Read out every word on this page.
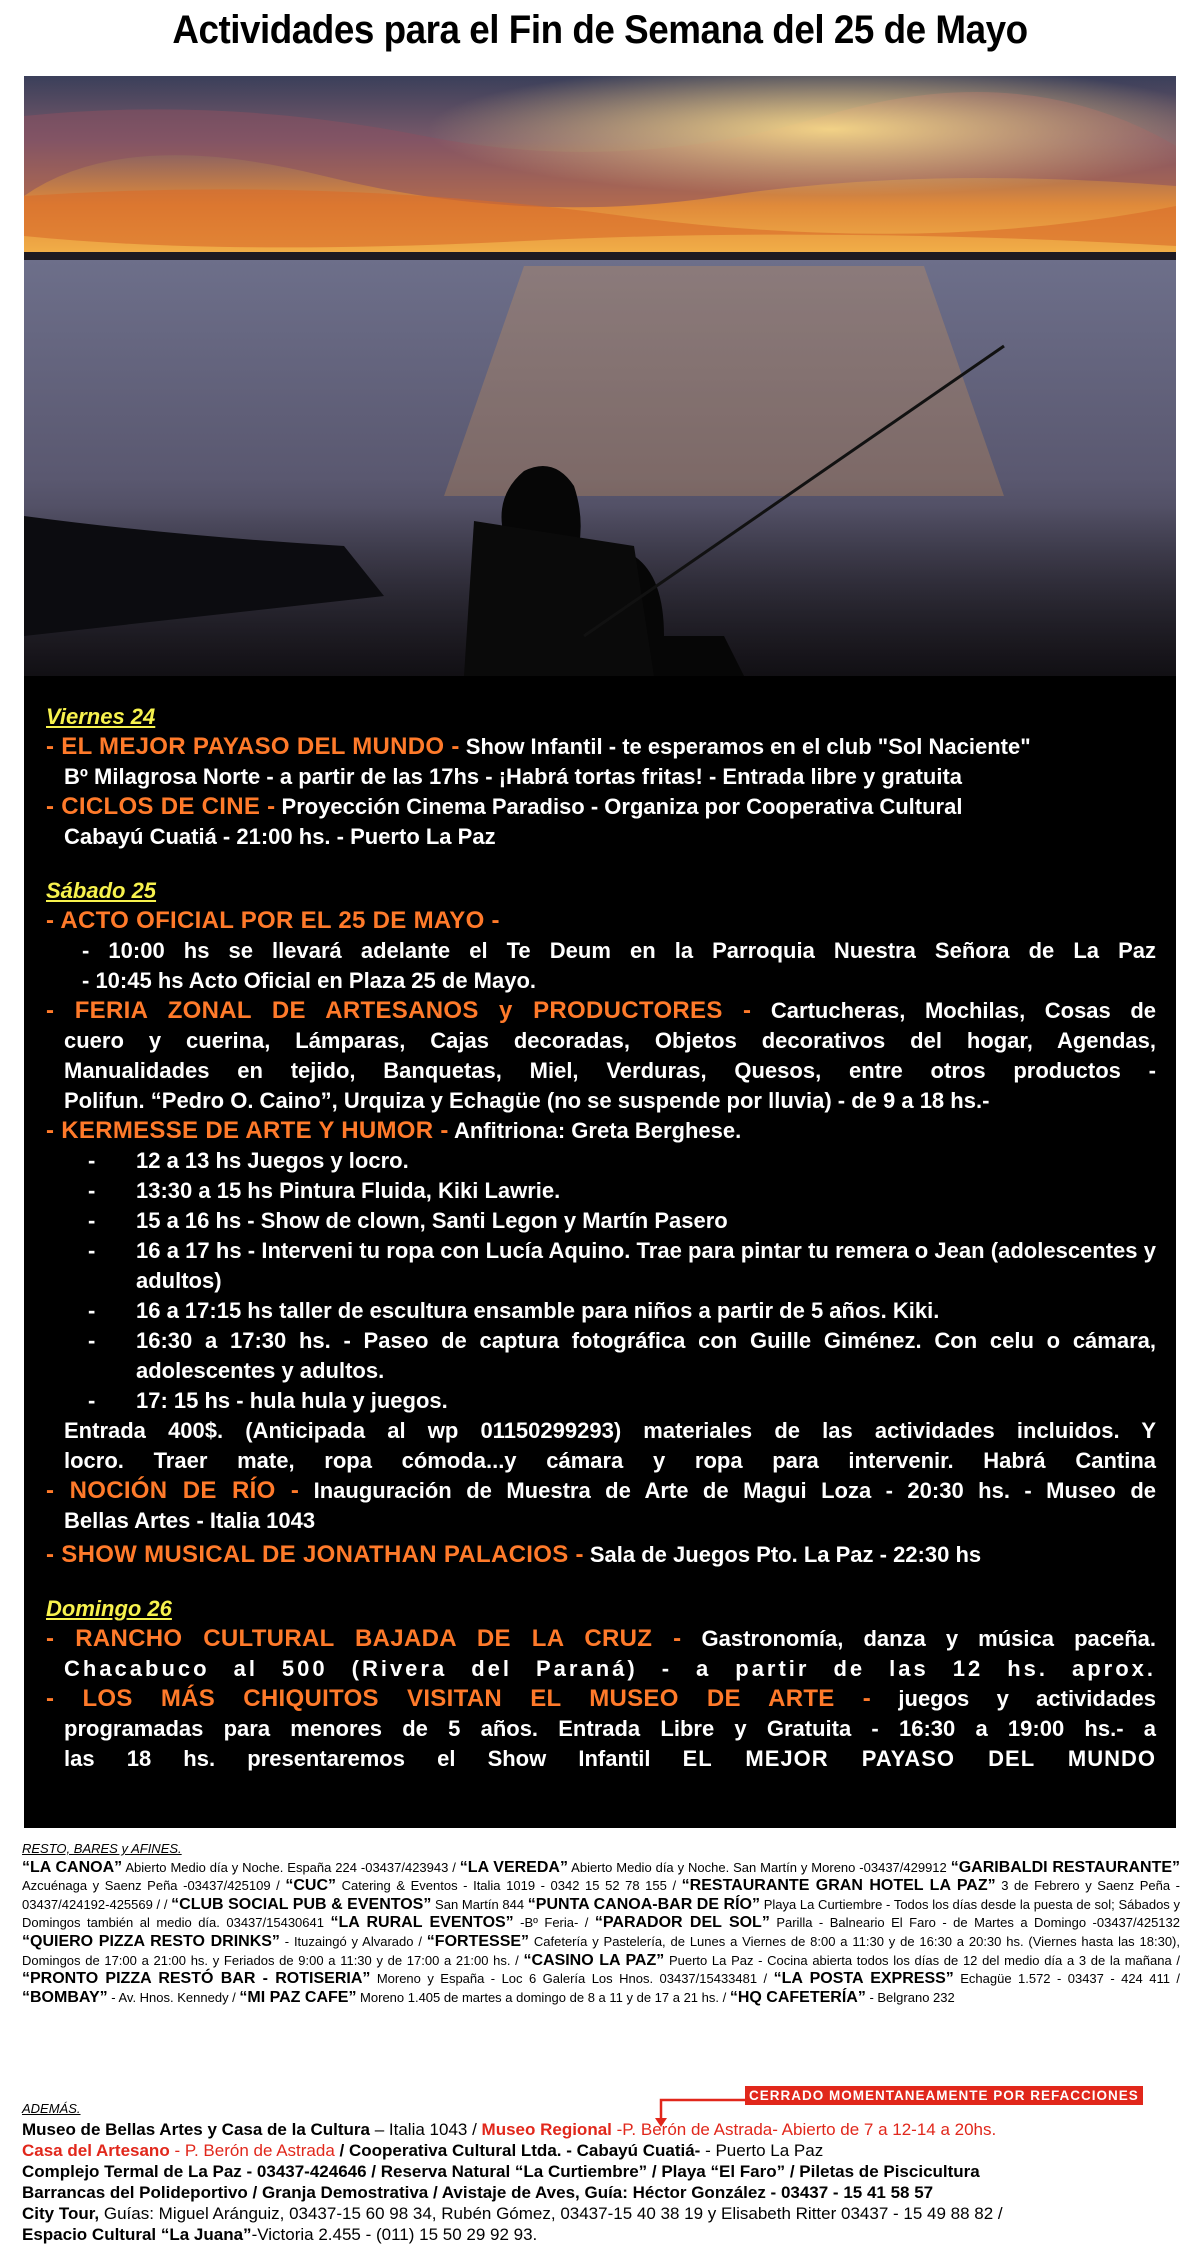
Actividades para el Fin de Semana del 25 de Mayo
Viernes 24
- EL MEJOR PAYASO DEL MUNDO - Show Infantil - te esperamos en el club "Sol Naciente"
Bº Milagrosa Norte - a partir de las 17hs - ¡Habrá tortas fritas! - Entrada libre y gratuita
- CICLOS DE CINE - Proyección Cinema Paradiso - Organiza por Cooperativa Cultural
Cabayú Cuatiá - 21:00 hs. - Puerto La Paz
Sábado 25
- ACTO OFICIAL POR EL 25 DE MAYO -
- 10:00 hs se llevará adelante el Te Deum en la Parroquia Nuestra Señora de La Paz
- 10:45 hs Acto Oficial en Plaza 25 de Mayo.
- FERIA ZONAL DE ARTESANOS y PRODUCTORES - Cartucheras, Mochilas, Cosas de
cuero y cuerina, Lámparas, Cajas decoradas, Objetos decorativos del hogar, Agendas,
Manualidades en tejido, Banquetas, Miel, Verduras, Quesos, entre otros productos -
Polifun. “Pedro O. Caino”, Urquiza y Echagüe (no se suspende por lluvia) - de 9 a 18 hs.-
- KERMESSE DE ARTE Y HUMOR - Anfitriona: Greta Berghese.
- 12 a 13 hs Juegos y locro.
- 13:30 a 15 hs Pintura Fluida, Kiki Lawrie.
- 15 a 16 hs - Show de clown, Santi Legon y Martín Pasero
- 16 a 17 hs - Interveni tu ropa con Lucía Aquino. Trae para pintar tu remera o Jean (adolescentes y adultos)
- 16 a 17:15 hs taller de escultura ensamble para niños a partir de 5 años. Kiki.
- 16:30 a 17:30 hs. - Paseo de captura fotográfica con Guille Giménez. Con celu o cámara, adolescentes y adultos.
- 17: 15 hs - hula hula y juegos.
Entrada 400$. (Anticipada al wp 01150299293) materiales de las actividades incluidos. Y
locro. Traer mate, ropa cómoda...y cámara y ropa para intervenir. Habrá Cantina
- NOCIÓN DE RÍO - Inauguración de Muestra de Arte de Magui Loza - 20:30 hs. - Museo de
Bellas Artes - Italia 1043
- SHOW MUSICAL DE JONATHAN PALACIOS - Sala de Juegos Pto. La Paz - 22:30 hs
Domingo 26
- RANCHO CULTURAL BAJADA DE LA CRUZ - Gastronomía, danza y música paceña.
Chacabuco al 500 (Rivera del Paraná) - a partir de las 12 hs. aprox.
- LOS MÁS CHIQUITOS VISITAN EL MUSEO DE ARTE - juegos y actividades
programadas para menores de 5 años. Entrada Libre y Gratuita - 16:30 a 19:00 hs.- a
las 18 hs. presentaremos el Show Infantil EL MEJOR PAYASO DEL MUNDO
RESTO, BARES y AFINES.
“LA CANOA” Abierto Medio día y Noche. España 224 -03437/423943 / “LA VEREDA” Abierto Medio día y Noche. San Martín y Moreno -03437/429912 “GARIBALDI RESTAURANTE” Azcuénaga y Saenz Peña -03437/425109 / “CUC” Catering & Eventos - Italia 1019 - 0342 15 52 78 155 / “RESTAURANTE GRAN HOTEL LA PAZ” 3 de Febrero y Saenz Peña - 03437/424192-425569 / / “CLUB SOCIAL PUB & EVENTOS” San Martín 844 “PUNTA CANOA-BAR DE RÍO” Playa La Curtiembre - Todos los días desde la puesta de sol; Sábados y Domingos también al medio día. 03437/15430641 “LA RURAL EVENTOS” -Bº Feria- / “PARADOR DEL SOL” Parilla - Balneario El Faro - de Martes a Domingo -03437/425132 “QUIERO PIZZA RESTO DRINKS” - Ituzaingó y Alvarado / “FORTESSE” Cafetería y Pastelería, de Lunes a Viernes de 8:00 a 11:30 y de 16:30 a 20:30 hs. (Viernes hasta las 18:30), Domingos de 17:00 a 21:00 hs. y Feriados de 9:00 a 11:30 y de 17:00 a 21:00 hs. / “CASINO LA PAZ” Puerto La Paz - Cocina abierta todos los días de 12 del medio día a 3 de la mañana / “PRONTO PIZZA RESTÓ BAR - ROTISERIA” Moreno y España - Loc 6 Galería Los Hnos. 03437/15433481 / “LA POSTA EXPRESS” Echagüe 1.572 - 03437 - 424 411 / “BOMBAY” - Av. Hnos. Kennedy / “MI PAZ CAFE” Moreno 1.405 de martes a domingo de 8 a 11 y de 17 a 21 hs. / “HQ CAFETERÍA” - Belgrano 232
CERRADO MOMENTANEAMENTE POR REFACCIONES
ADEMÁS.
Museo de Bellas Artes y Casa de la Cultura – Italia 1043 / Museo Regional -P. Berón de Astrada- Abierto de 7 a 12-14 a 20hs.
Casa del Artesano - P. Berón de Astrada / Cooperativa Cultural Ltda. - Cabayú Cuatiá- - Puerto La Paz
Complejo Termal de La Paz - 03437-424646 / Reserva Natural “La Curtiembre” / Playa “El Faro” / Piletas de Piscicultura
Barrancas del Polideportivo / Granja Demostrativa / Avistaje de Aves, Guía: Héctor González - 03437 - 15 41 58 57
City Tour, Guías: Miguel Aránguiz, 03437-15 60 98 34, Rubén Gómez, 03437-15 40 38 19 y Elisabeth Ritter 03437 - 15 49 88 82 /
Espacio Cultural “La Juana”-Victoria 2.455 - (011) 15 50 29 92 93.
